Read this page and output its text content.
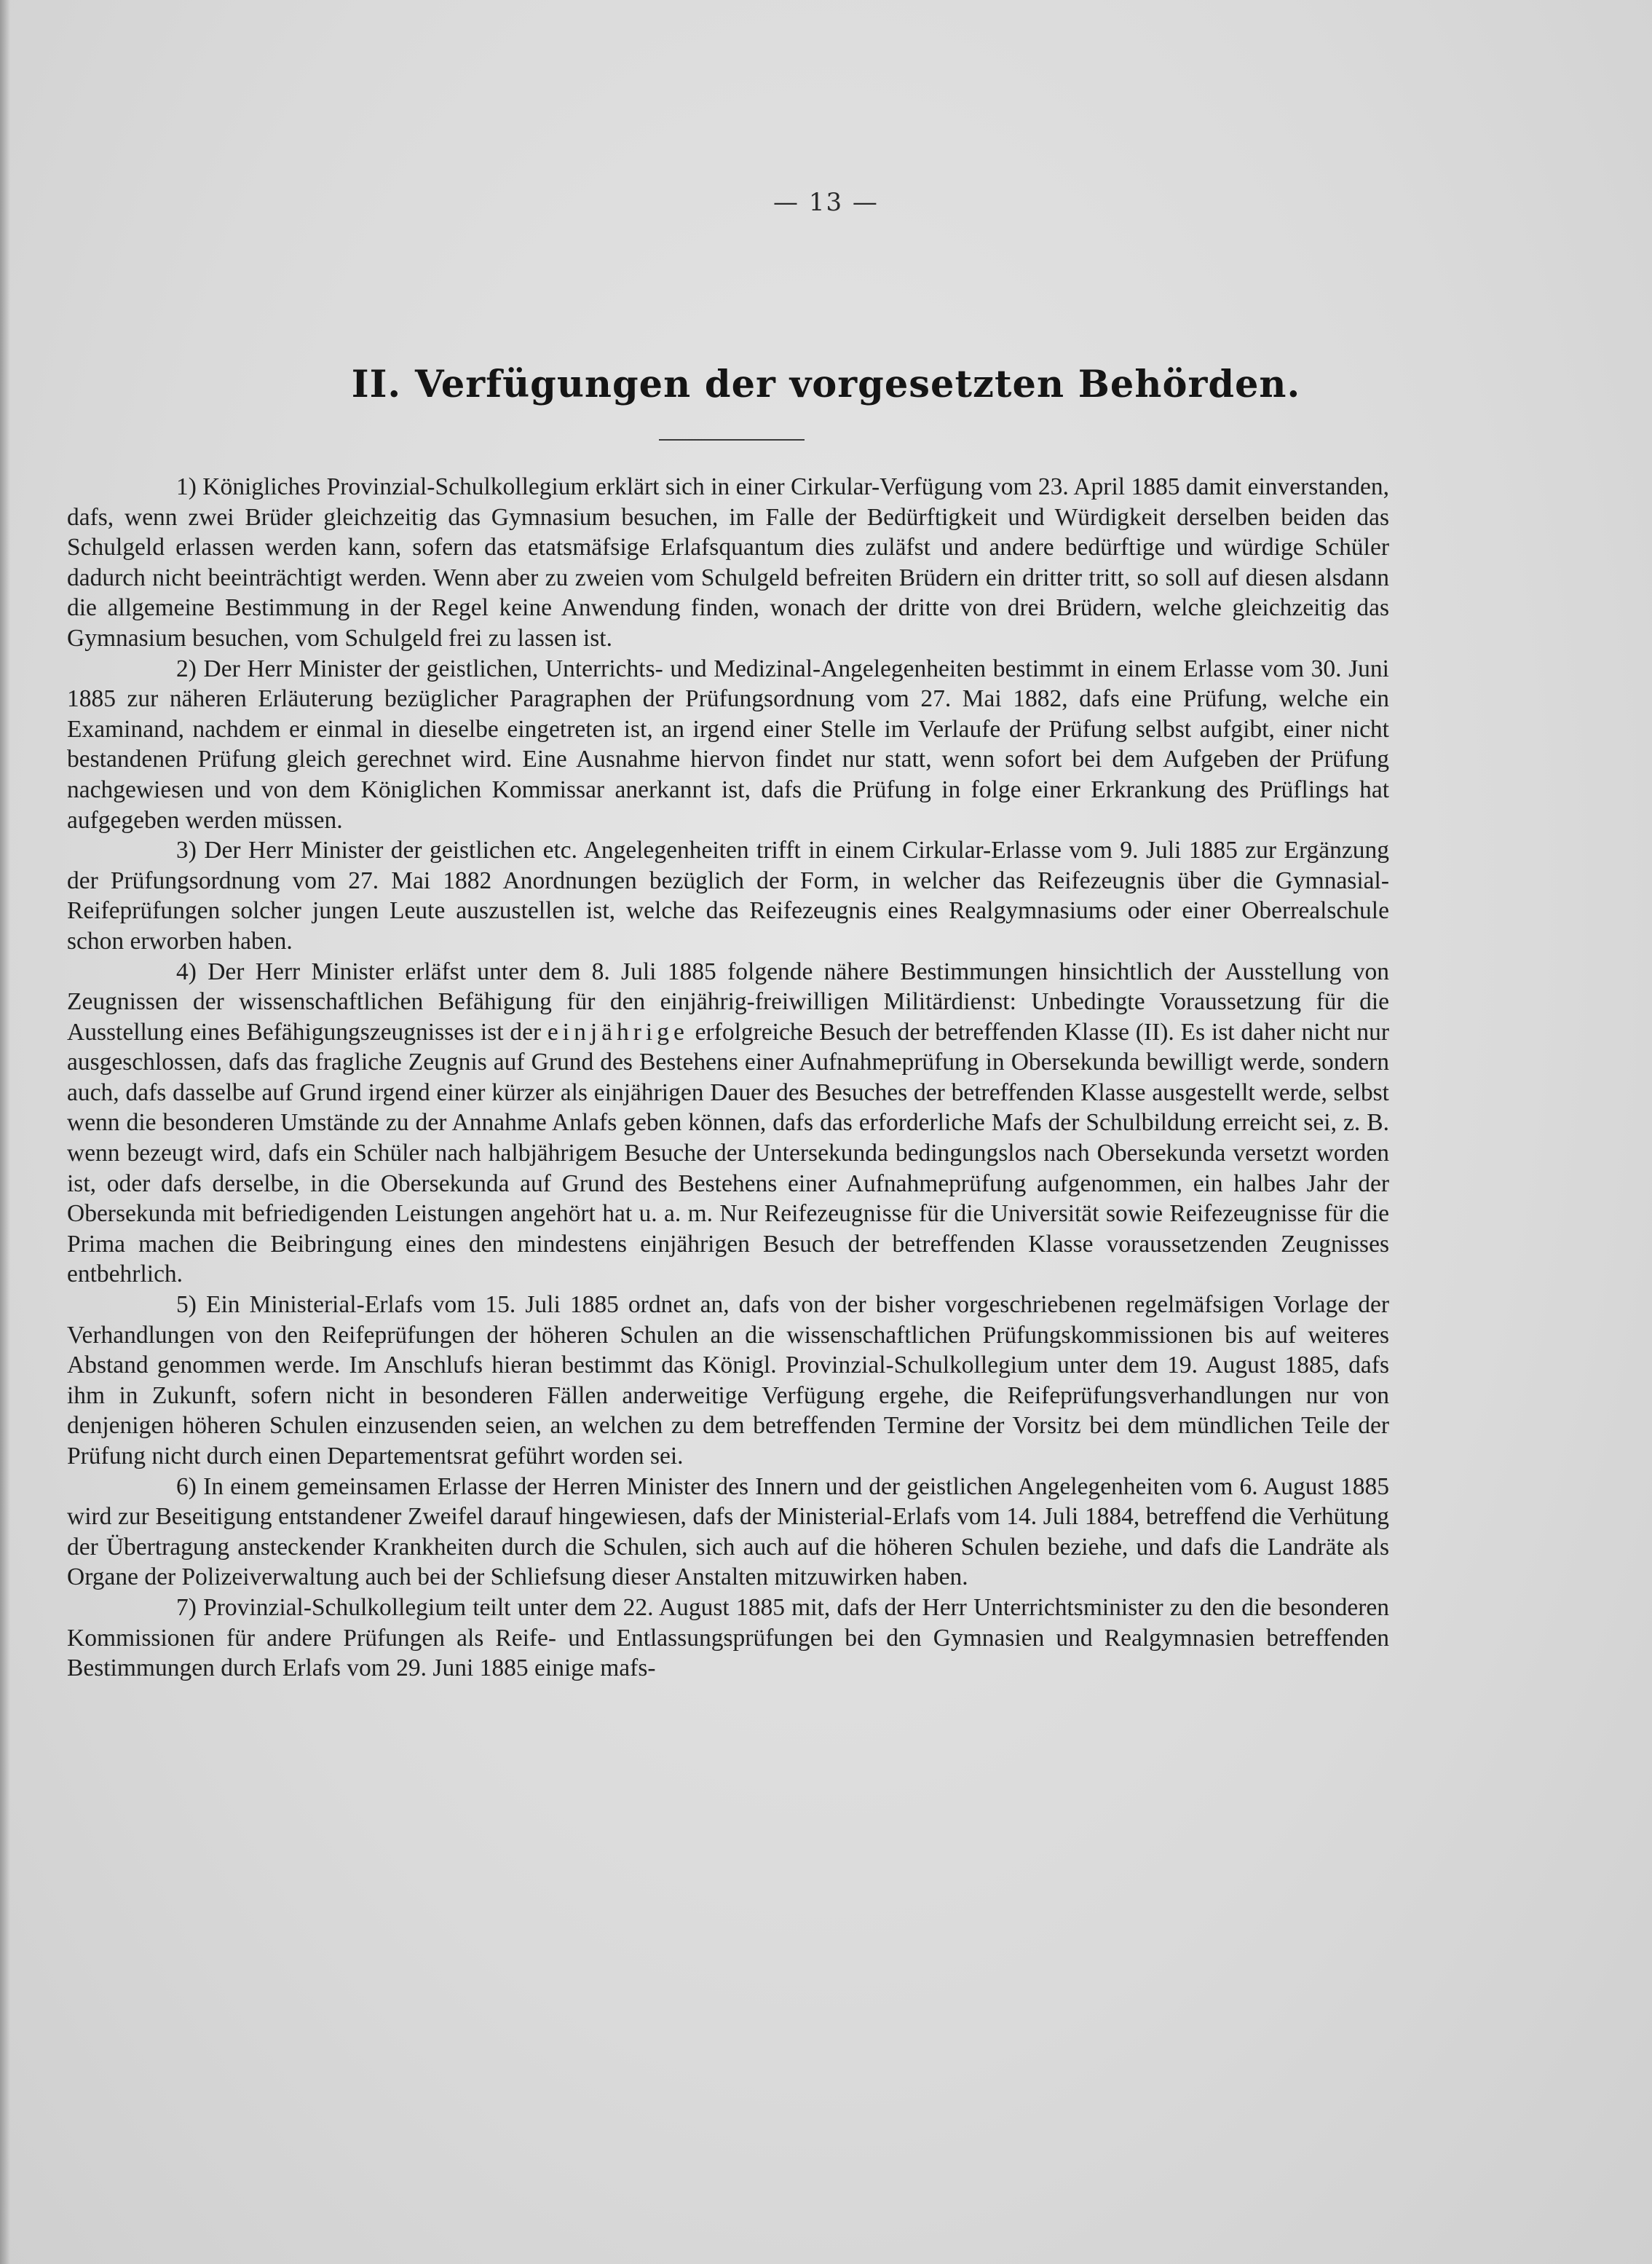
— 13 —
II. Verfügungen der vorgesetzten Behörden.

1) Königliches Provinzial-Schulkollegium erklärt sich in einer Cirkular-Verfügung vom 23. April 1885 damit einverstanden, dafs, wenn zwei Brüder gleichzeitig das Gymnasium besuchen, im Falle der Bedürftigkeit und Würdigkeit derselben beiden das Schulgeld erlassen werden kann, sofern das etatsmäfsige Erlafsquantum dies zuläfst und andere bedürftige und würdige Schüler dadurch nicht beeinträchtigt werden. Wenn aber zu zweien vom Schulgeld befreiten Brüdern ein dritter tritt, so soll auf diesen alsdann die allgemeine Bestimmung in der Regel keine Anwendung finden, wonach der dritte von drei Brüdern, welche gleichzeitig das Gymnasium besuchen, vom Schulgeld frei zu lassen ist.

2) Der Herr Minister der geistlichen, Unterrichts- und Medizinal-Angelegenheiten bestimmt in einem Erlasse vom 30. Juni 1885 zur näheren Erläuterung bezüglicher Paragraphen der Prüfungsordnung vom 27. Mai 1882, dafs eine Prüfung, welche ein Examinand, nachdem er einmal in dieselbe eingetreten ist, an irgend einer Stelle im Verlaufe der Prüfung selbst aufgibt, einer nicht bestandenen Prüfung gleich gerechnet wird. Eine Ausnahme hiervon findet nur statt, wenn sofort bei dem Aufgeben der Prüfung nachgewiesen und von dem Königlichen Kommissar anerkannt ist, dafs die Prüfung in folge einer Erkrankung des Prüflings hat aufgegeben werden müssen.

3) Der Herr Minister der geistlichen etc. Angelegenheiten trifft in einem Cirkular-Erlasse vom 9. Juli 1885 zur Ergänzung der Prüfungsordnung vom 27. Mai 1882 Anordnungen bezüglich der Form, in welcher das Reifezeugnis über die Gymnasial-Reifeprüfungen solcher jungen Leute auszustellen ist, welche das Reifezeugnis eines Realgymnasiums oder einer Oberrealschule schon erworben haben.

4) Der Herr Minister erläfst unter dem 8. Juli 1885 folgende nähere Bestimmungen hinsichtlich der Ausstellung von Zeugnissen der wissenschaftlichen Befähigung für den einjährig-freiwilligen Militärdienst: Unbedingte Voraussetzung für die Ausstellung eines Befähigungszeugnisses ist der einjährige erfolgreiche Besuch der betreffenden Klasse (II). Es ist daher nicht nur ausgeschlossen, dafs das fragliche Zeugnis auf Grund des Bestehens einer Aufnahmeprüfung in Obersekunda bewilligt werde, sondern auch, dafs dasselbe auf Grund irgend einer kürzer als einjährigen Dauer des Besuches der betreffenden Klasse ausgestellt werde, selbst wenn die besonderen Umstände zu der Annahme Anlafs geben können, dafs das erforderliche Mafs der Schulbildung erreicht sei, z. B. wenn bezeugt wird, dafs ein Schüler nach halbjährigem Besuche der Untersekunda bedingungslos nach Obersekunda versetzt worden ist, oder dafs derselbe, in die Obersekunda auf Grund des Bestehens einer Aufnahmeprüfung aufgenommen, ein halbes Jahr der Obersekunda mit befriedigenden Leistungen angehört hat u. a. m. Nur Reifezeugnisse für die Universität sowie Reifezeugnisse für die Prima machen die Beibringung eines den mindestens einjährigen Besuch der betreffenden Klasse voraussetzenden Zeugnisses entbehrlich.

5) Ein Ministerial-Erlafs vom 15. Juli 1885 ordnet an, dafs von der bisher vorgeschriebenen regelmäfsigen Vorlage der Verhandlungen von den Reifeprüfungen der höheren Schulen an die wissenschaftlichen Prüfungskommissionen bis auf weiteres Abstand genommen werde. Im Anschlufs hieran bestimmt das Königl. Provinzial-Schulkollegium unter dem 19. August 1885, dafs ihm in Zukunft, sofern nicht in besonderen Fällen anderweitige Verfügung ergehe, die Reifeprüfungsverhandlungen nur von denjenigen höheren Schulen einzusenden seien, an welchen zu dem betreffenden Termine der Vorsitz bei dem mündlichen Teile der Prüfung nicht durch einen Departementsrat geführt worden sei.

6) In einem gemeinsamen Erlasse der Herren Minister des Innern und der geistlichen Angelegenheiten vom 6. August 1885 wird zur Beseitigung entstandener Zweifel darauf hingewiesen, dafs der Ministerial-Erlafs vom 14. Juli 1884, betreffend die Verhütung der Übertragung ansteckender Krankheiten durch die Schulen, sich auch auf die höheren Schulen beziehe, und dafs die Landräte als Organe der Polizeiverwaltung auch bei der Schliefsung dieser Anstalten mitzuwirken haben.

7) Provinzial-Schulkollegium teilt unter dem 22. August 1885 mit, dafs der Herr Unterrichtsminister zu den die besonderen Kommissionen für andere Prüfungen als Reife- und Entlassungsprüfungen bei den Gymnasien und Realgymnasien betreffenden Bestimmungen durch Erlafs vom 29. Juni 1885 einige mafs-
